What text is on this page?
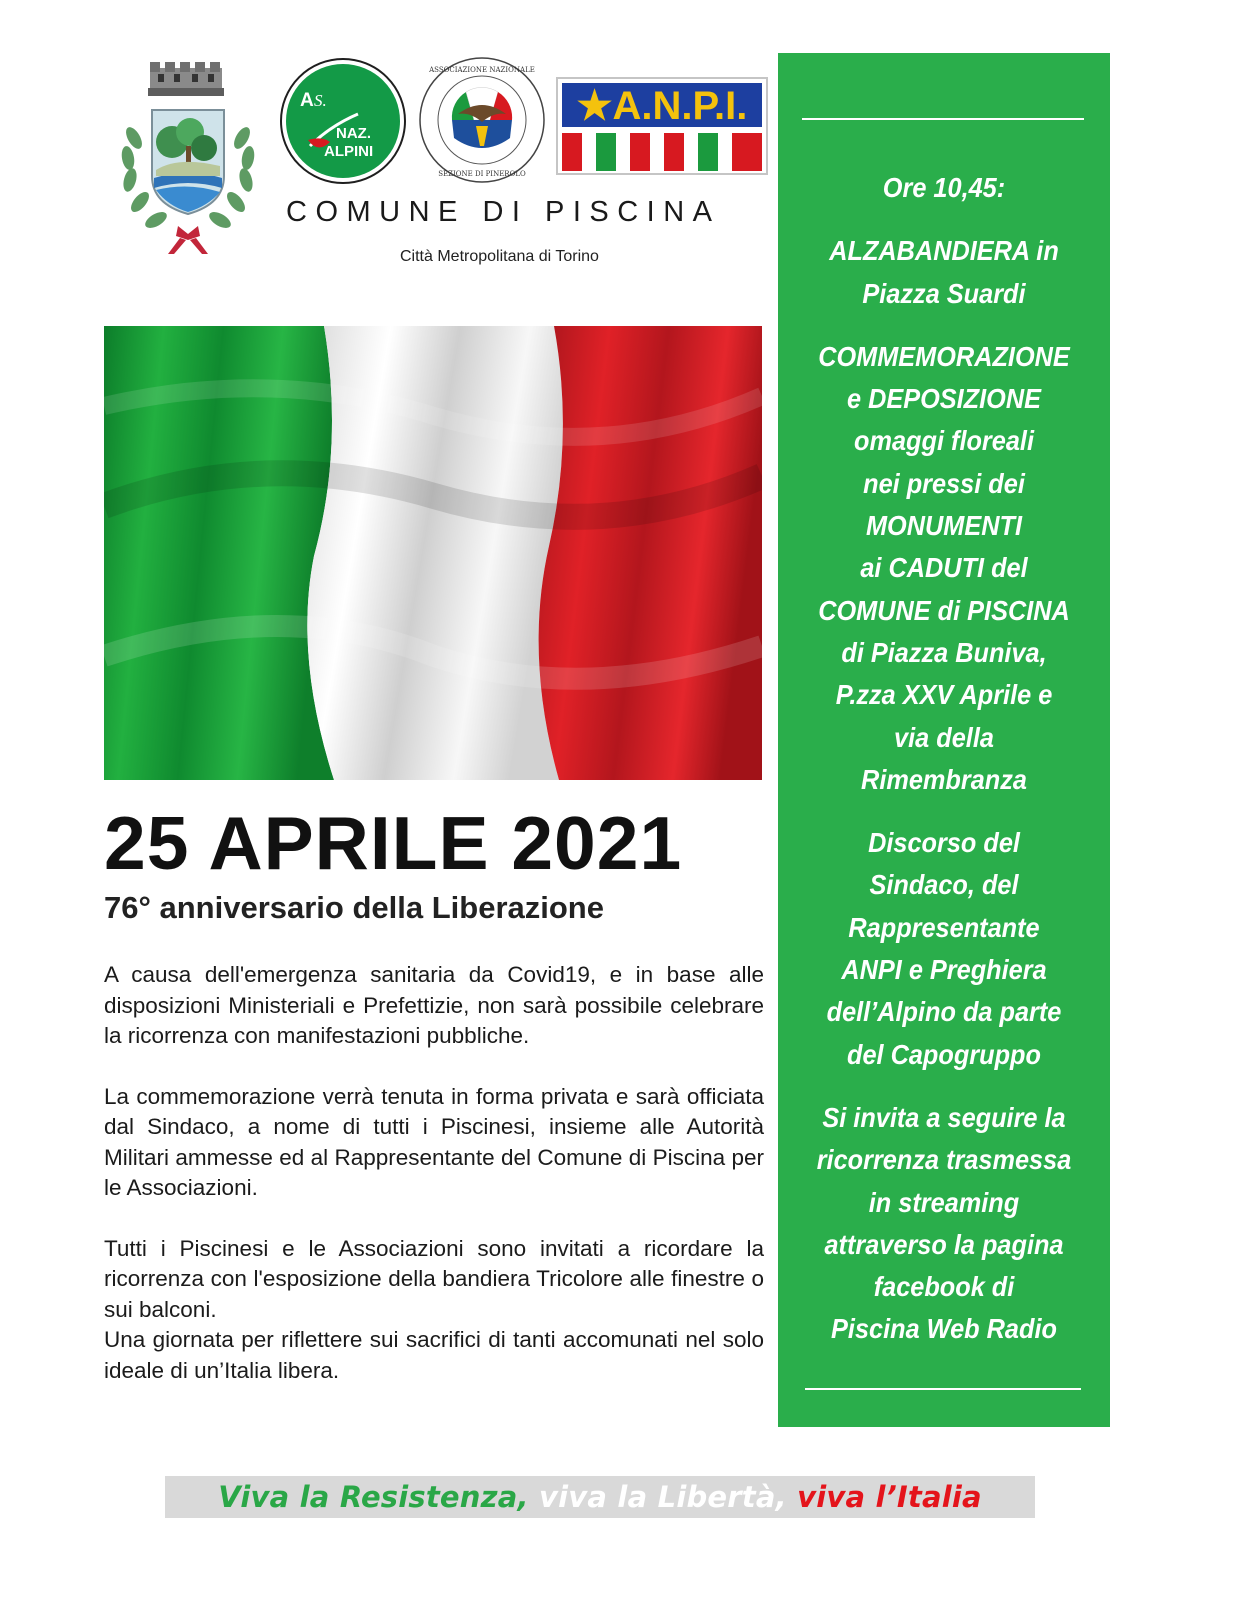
A S.
NAZ.
ALPINI
ASSOCIAZIONE NAZIONALE
SEZIONE DI PINEROLO
★A.N.P.I.
COMUNE DI PISCINA
Città Metropolitana di Torino
25 APRILE 2021
76° anniversario della Liberazione

A causa dell'emergenza sanitaria da Covid19, e in base alle disposizioni Ministeriali e Prefettizie, non sarà possibile celebrare la ricorrenza con manifestazioni pubbliche.

La commemorazione verrà tenuta in forma privata e sarà officiata dal Sindaco, a nome di tutti i Piscinesi, insieme alle Autorità Militari ammesse ed al Rappresentante del Comune di Piscina per le Associazioni.

Tutti i Piscinesi e le Associazioni sono invitati a ricordare la ricorrenza con l'esposizione della bandiera Tricolore alle finestre o sui balconi.

Una giornata per riflettere sui sacrifici di tanti accomunati nel solo ideale di un’Italia libera.

Ore 10,45:
ALZABANDIERA in
Piazza Suardi
COMMEMORAZIONE
e DEPOSIZIONE
omaggi floreali
nei pressi dei
MONUMENTI
ai CADUTI del
COMUNE di PISCINA
di Piazza Buniva,
P.zza XXV Aprile e
via della
Rimembranza
Discorso del
Sindaco, del
Rappresentante
ANPI e Preghiera
dell’Alpino da parte
del Capogruppo
Si invita a seguire la
ricorrenza trasmessa
in streaming
attraverso la pagina
facebook di
Piscina Web Radio
Viva la Resistenza, viva la Libertà, viva l’Italia
